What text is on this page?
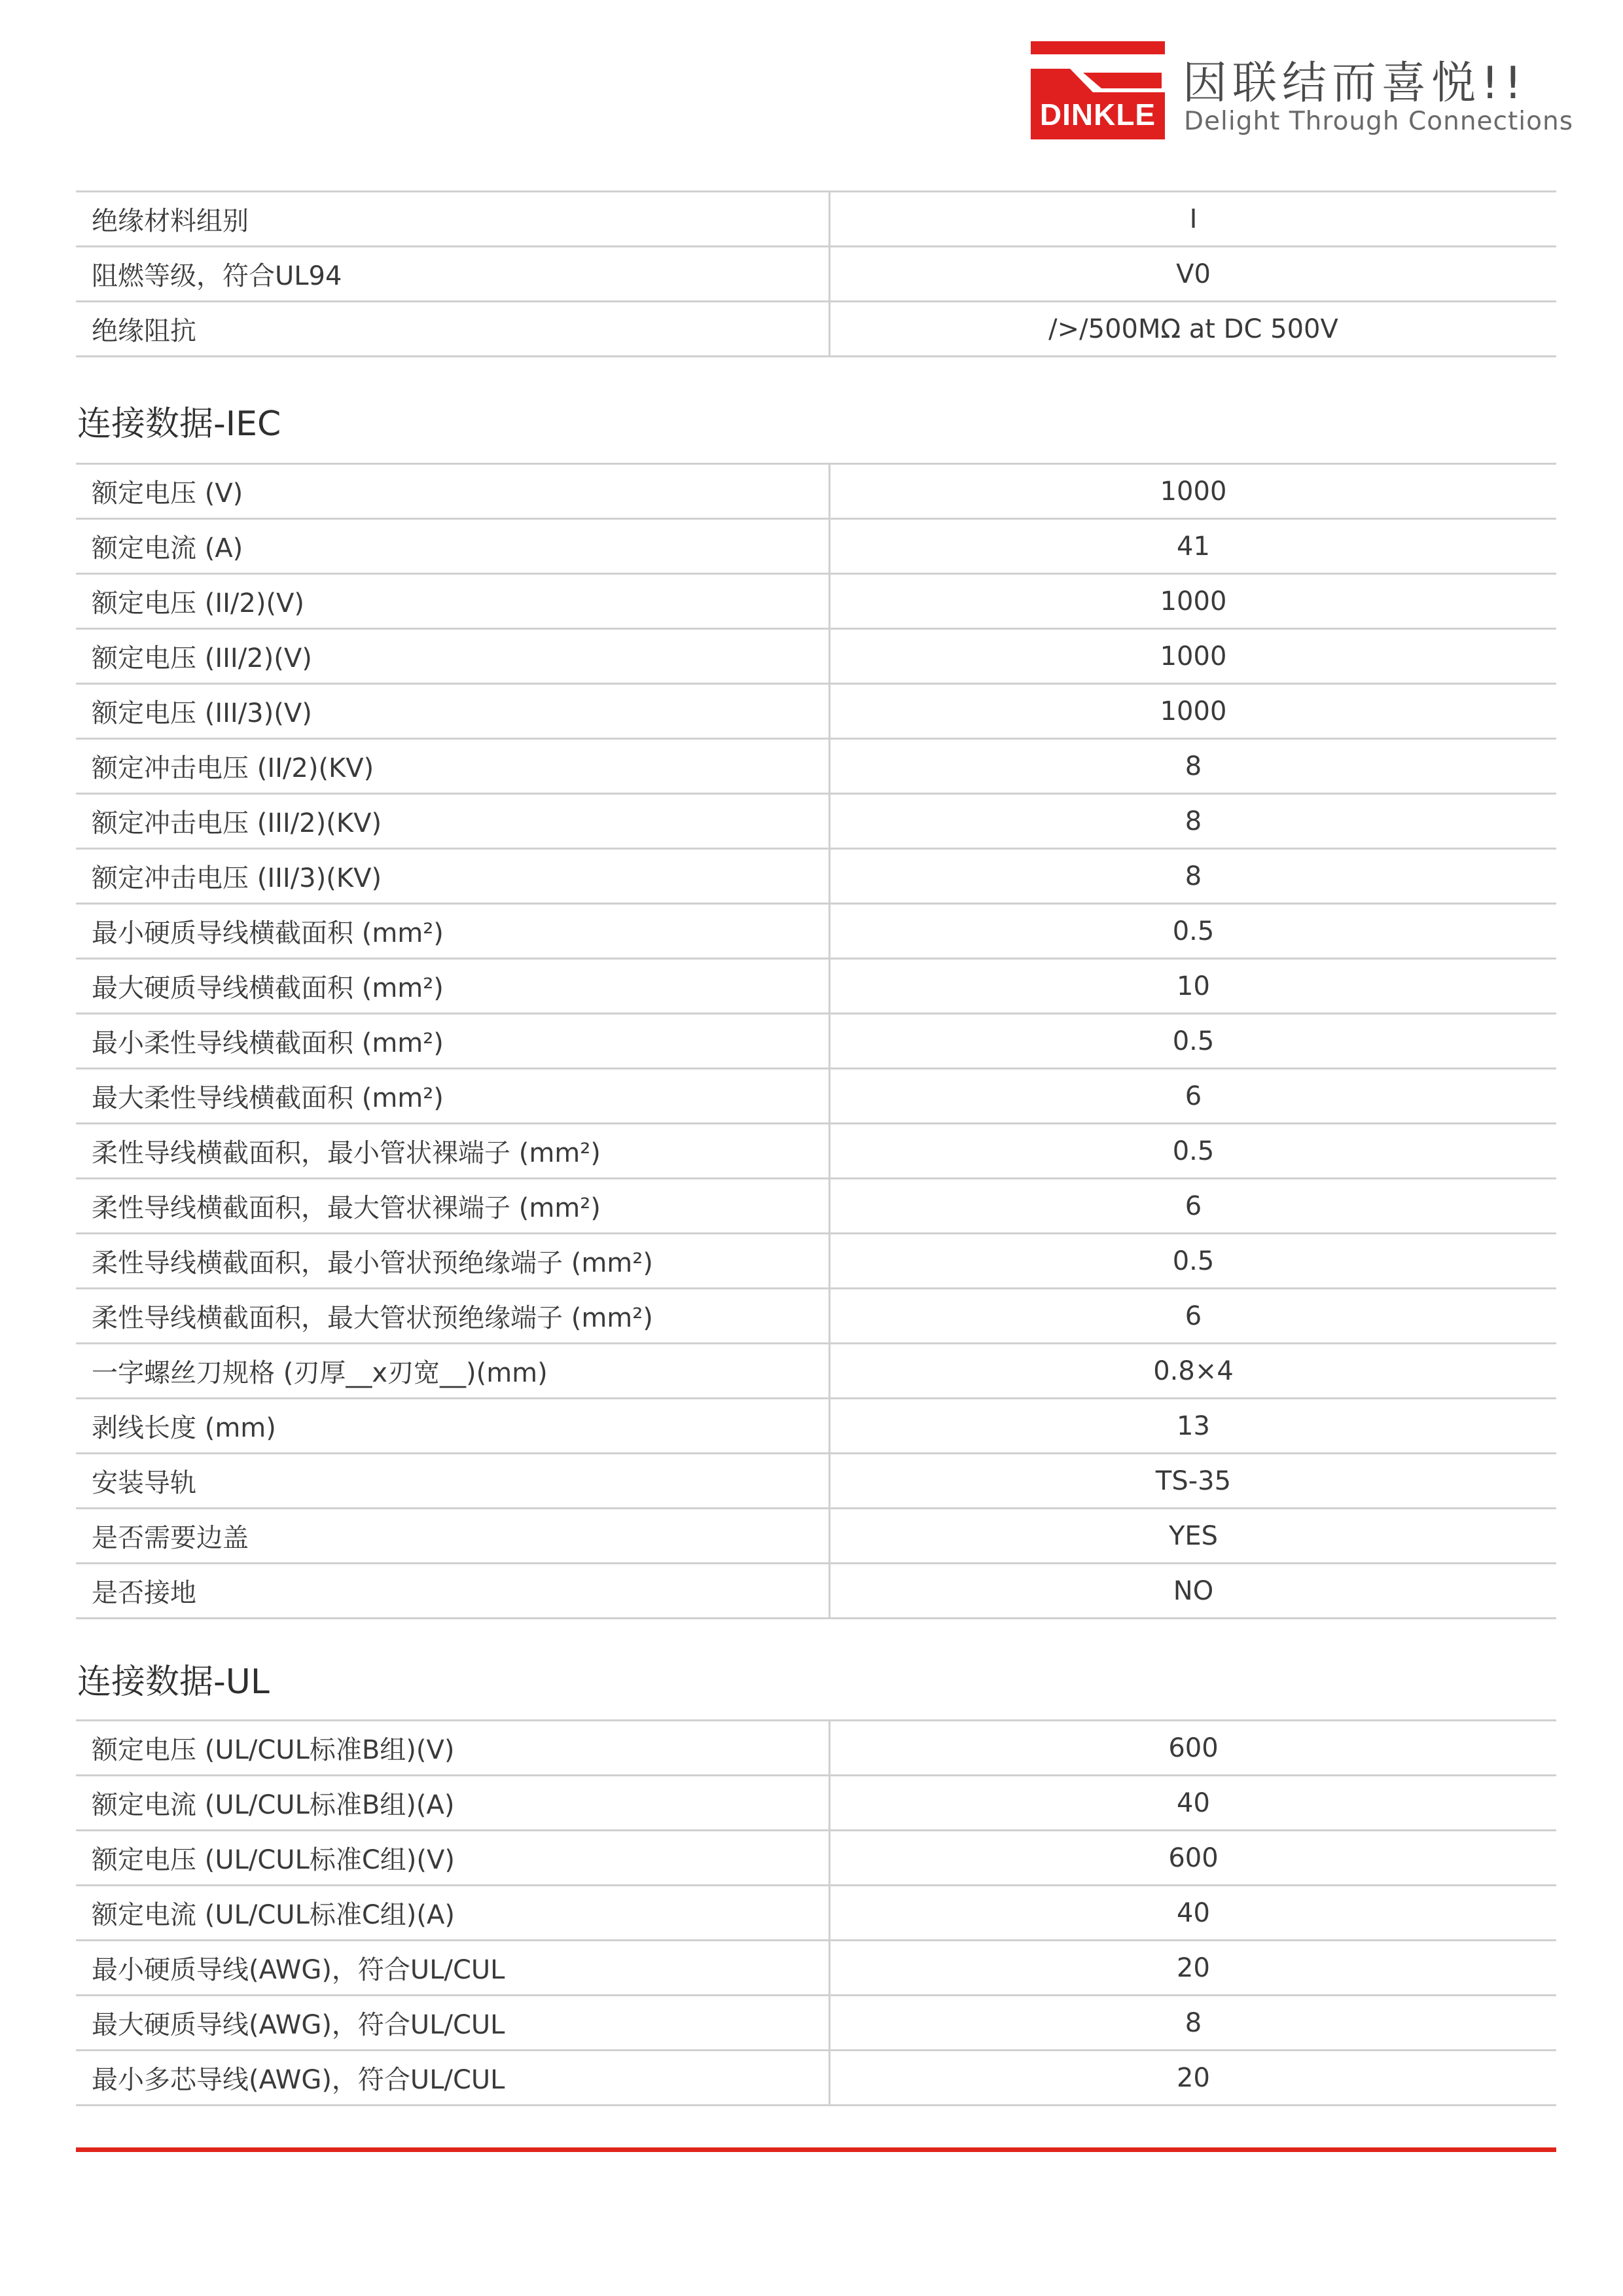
DINKLE
因联结而喜悦!!
Delight Through Connections
绝缘材料组别	I
阻燃等级，符合UL94	V0
绝缘阻抗	/>/500MΩ at DC 500V
连接数据-IEC
额定电压 (V)	1000
额定电流 (A)	41
额定电压 (II/2)(V)	1000
额定电压 (III/2)(V)	1000
额定电压 (III/3)(V)	1000
额定冲击电压 (II/2)(KV)	8
额定冲击电压 (III/2)(KV)	8
额定冲击电压 (III/3)(KV)	8
最小硬质导线横截面积 (mm²)	0.5
最大硬质导线横截面积 (mm²)	10
最小柔性导线横截面积 (mm²)	0.5
最大柔性导线横截面积 (mm²)	6
柔性导线横截面积，最小管状裸端子 (mm²)	0.5
柔性导线横截面积，最大管状裸端子 (mm²)	6
柔性导线横截面积，最小管状预绝缘端子 (mm²)	0.5
柔性导线横截面积，最大管状预绝缘端子 (mm²)	6
一字螺丝刀规格 (刃厚__x刃宽__)(mm)	0.8×4
剥线长度 (mm)	13
安装导轨	TS-35
是否需要边盖	YES
是否接地	NO
连接数据-UL
额定电压 (UL/CUL标准B组)(V)	600
额定电流 (UL/CUL标准B组)(A)	40
额定电压 (UL/CUL标准C组)(V)	600
额定电流 (UL/CUL标准C组)(A)	40
最小硬质导线(AWG)，符合UL/CUL	20
最大硬质导线(AWG)，符合UL/CUL	8
最小多芯导线(AWG)，符合UL/CUL	20
